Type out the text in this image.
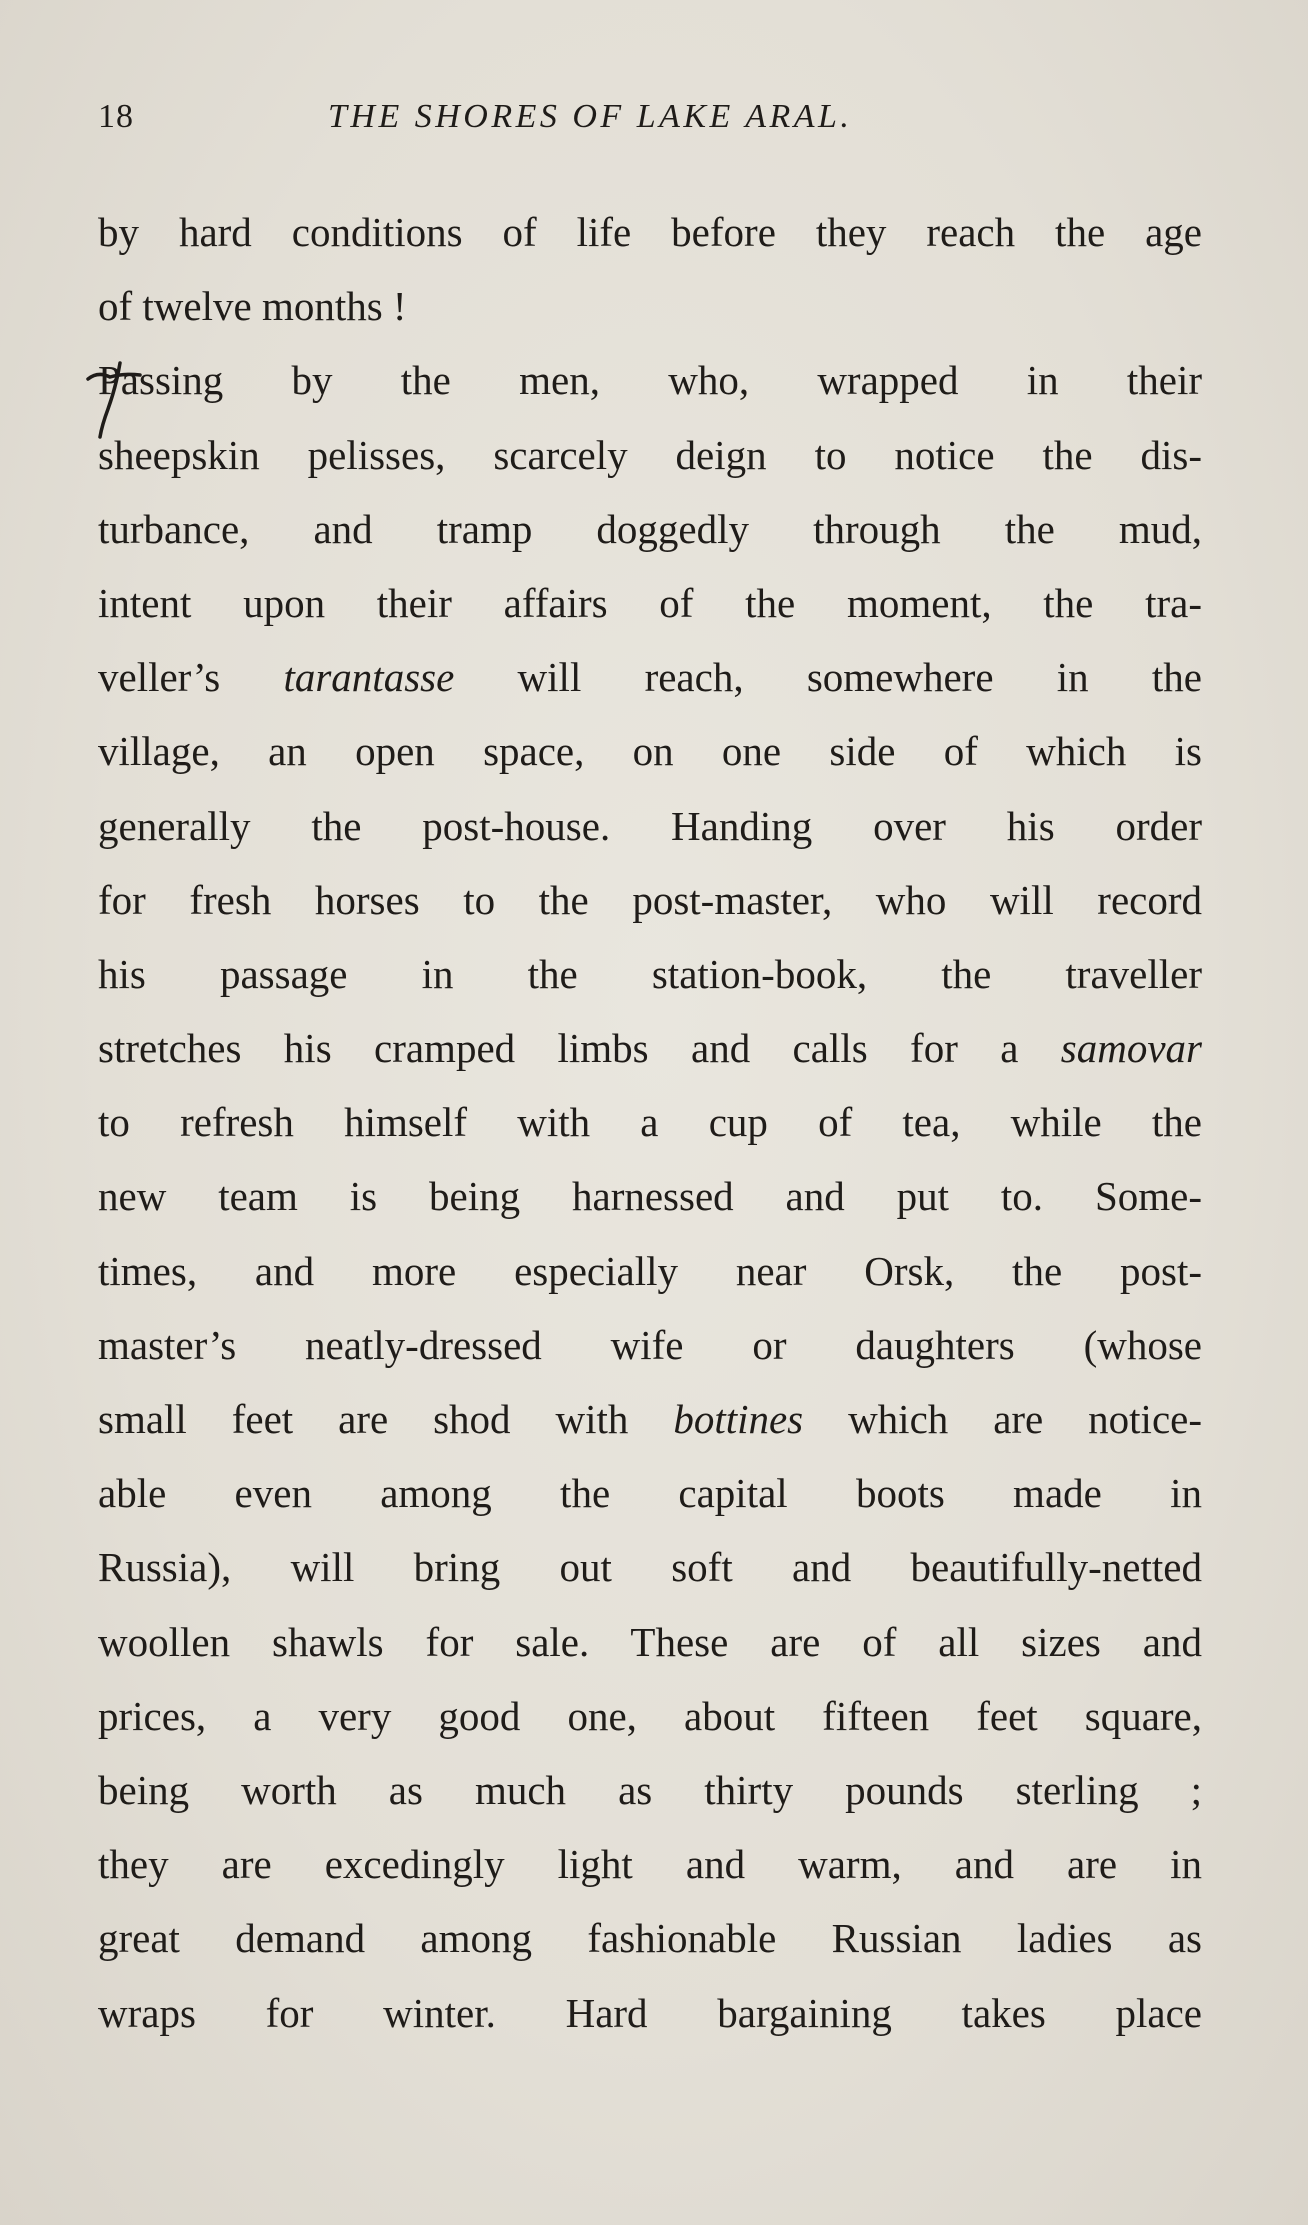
18	THE SHORES OF LAKE ARAL.
by hard conditions of life before they reach the age
of twelve months !
Passing by the men, who, wrapped in their
sheepskin pelisses, scarcely deign to notice the dis-
turbance, and tramp doggedly through the mud,
intent upon their affairs of the moment, the tra-
veller’s tarantasse will reach, somewhere in the
village, an open space, on one side of which is
generally the post-house. Handing over his order
for fresh horses to the post-master, who will record
his passage in the station-book, the traveller
stretches his cramped limbs and calls for a samovar
to refresh himself with a cup of tea, while the
new team is being harnessed and put to. Some-
times, and more especially near Orsk, the post-
master’s neatly-dressed wife or daughters (whose
small feet are shod with bottines which are notice-
able even among the capital boots made in
Russia), will bring out soft and beautifully-netted
woollen shawls for sale. These are of all sizes and
prices, a very good one, about fifteen feet square,
being worth as much as thirty pounds sterling ;
they are excedingly light and warm, and are in
great demand among fashionable Russian ladies as
wraps for winter. Hard bargaining takes place
